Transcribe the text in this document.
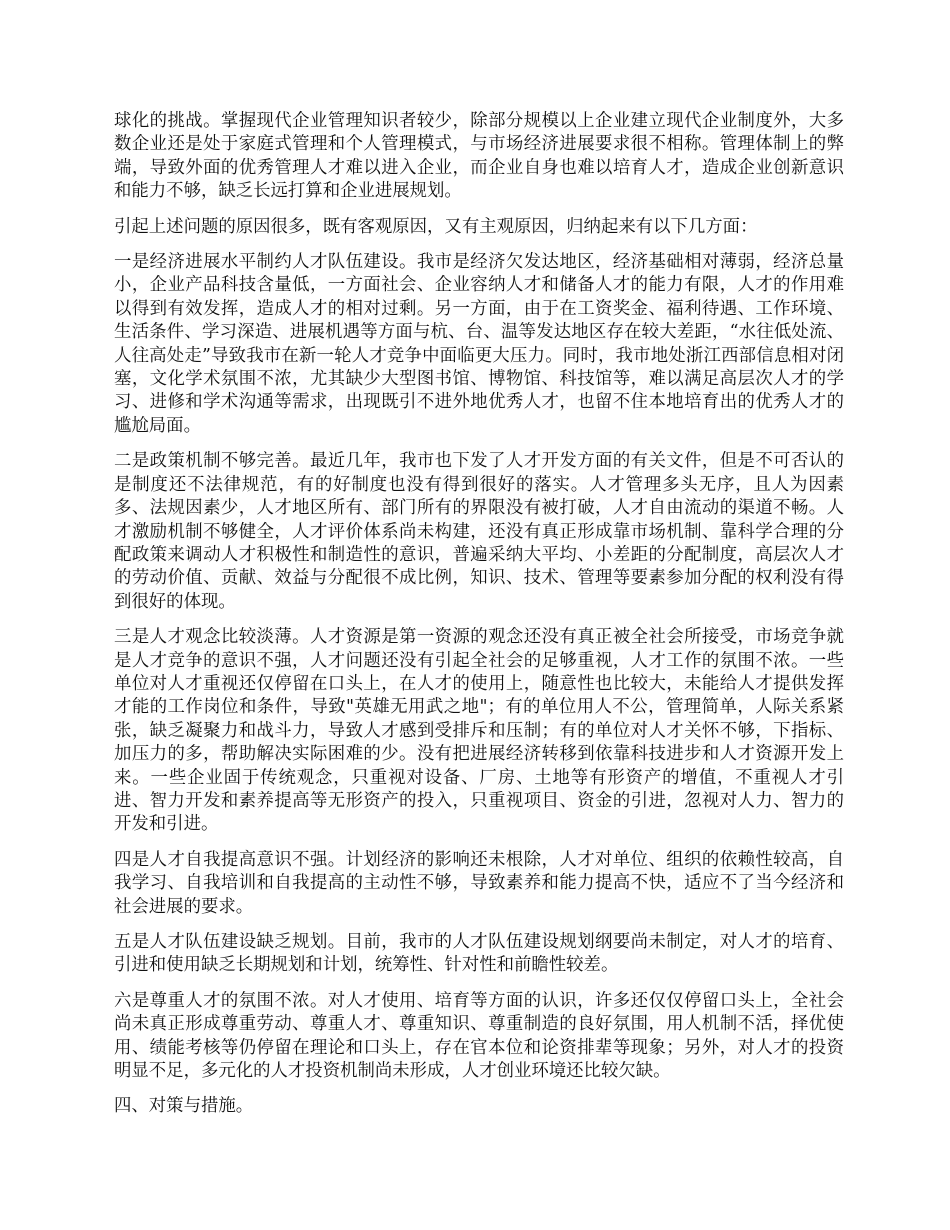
球化的挑战。掌握现代企业管理知识者较少，除部分规模以上企业建立现代企业制度外，大多数企业还是处于家庭式管理和个人管理模式，与市场经济进展要求很不相称。管理体制上的弊端，导致外面的优秀管理人才难以进入企业，而企业自身也难以培育人才，造成企业创新意识和能力不够，缺乏长远打算和企业进展规划。

引起上述问题的原因很多，既有客观原因，又有主观原因，归纳起来有以下几方面：

一是经济进展水平制约人才队伍建设。我市是经济欠发达地区，经济基础相对薄弱，经济总量小，企业产品科技含量低，一方面社会、企业容纳人才和储备人才的能力有限，人才的作用难以得到有效发挥，造成人才的相对过剩。另一方面，由于在工资奖金、福利待遇、工作环境、生活条件、学习深造、进展机遇等方面与杭、台、温等发达地区存在较大差距，“水往低处流、人往高处走”导致我市在新一轮人才竞争中面临更大压力。同时，我市地处浙江西部信息相对闭塞，文化学术氛围不浓，尤其缺少大型图书馆、博物馆、科技馆等，难以满足高层次人才的学习、进修和学术沟通等需求，出现既引不进外地优秀人才，也留不住本地培育出的优秀人才的尴尬局面。

二是政策机制不够完善。最近几年，我市也下发了人才开发方面的有关文件，但是不可否认的是制度还不法律规范，有的好制度也没有得到很好的落实。人才管理多头无序，且人为因素多、法规因素少，人才地区所有、部门所有的界限没有被打破，人才自由流动的渠道不畅。人才激励机制不够健全，人才评价体系尚未构建，还没有真正形成靠市场机制、靠科学合理的分配政策来调动人才积极性和制造性的意识，普遍采纳大平均、小差距的分配制度，高层次人才的劳动价值、贡献、效益与分配很不成比例，知识、技术、管理等要素参加分配的权利没有得到很好的体现。

三是人才观念比较淡薄。人才资源是第一资源的观念还没有真正被全社会所接受，市场竞争就是人才竞争的意识不强，人才问题还没有引起全社会的足够重视，人才工作的氛围不浓。一些单位对人才重视还仅停留在口头上，在人才的使用上，随意性也比较大，未能给人才提供发挥才能的工作岗位和条件，导致"英雄无用武之地"；有的单位用人不公，管理简单，人际关系紧张，缺乏凝聚力和战斗力，导致人才感到受排斥和压制；有的单位对人才关怀不够，下指标、加压力的多，帮助解决实际困难的少。没有把进展经济转移到依靠科技进步和人才资源开发上来。一些企业固于传统观念，只重视对设备、厂房、土地等有形资产的增值，不重视人才引进、智力开发和素养提高等无形资产的投入，只重视项目、资金的引进，忽视对人力、智力的开发和引进。

四是人才自我提高意识不强。计划经济的影响还未根除，人才对单位、组织的依赖性较高，自我学习、自我培训和自我提高的主动性不够，导致素养和能力提高不快，适应不了当今经济和社会进展的要求。

五是人才队伍建设缺乏规划。目前，我市的人才队伍建设规划纲要尚未制定，对人才的培育、引进和使用缺乏长期规划和计划，统筹性、针对性和前瞻性较差。

六是尊重人才的氛围不浓。对人才使用、培育等方面的认识，许多还仅仅停留口头上，全社会尚未真正形成尊重劳动、尊重人才、尊重知识、尊重制造的良好氛围，用人机制不活，择优使用、绩能考核等仍停留在理论和口头上，存在官本位和论资排辈等现象；另外，对人才的投资明显不足，多元化的人才投资机制尚未形成，人才创业环境还比较欠缺。

四、对策与措施。
